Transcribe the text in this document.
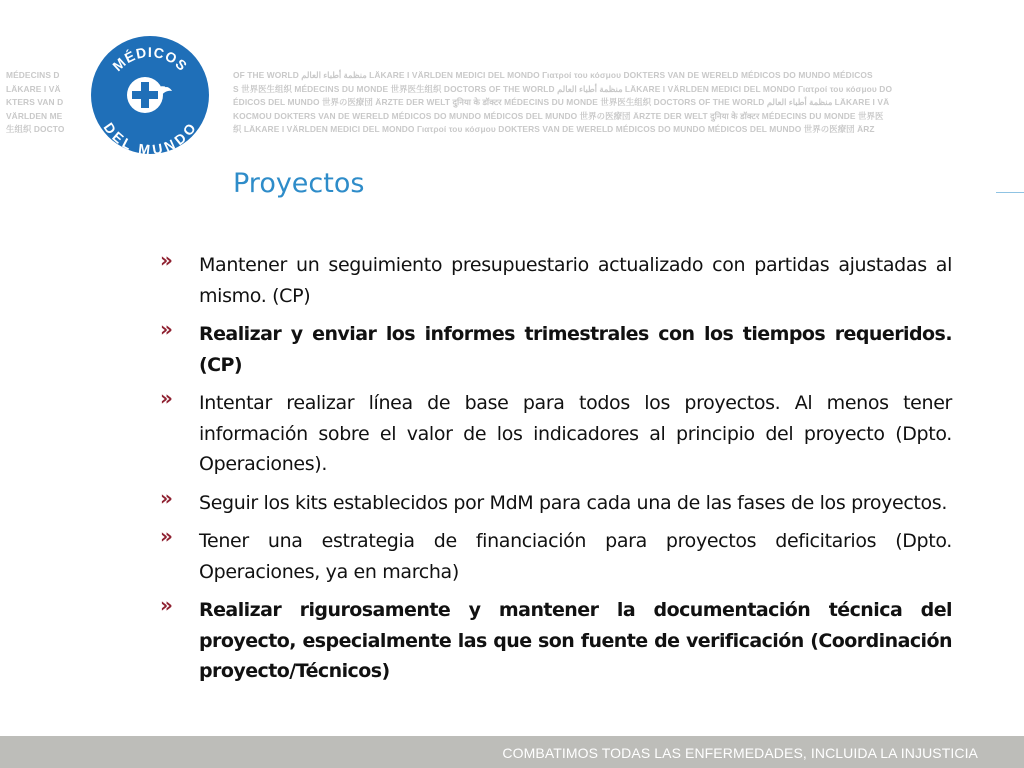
MÉDECINS D
LÄKARE I VÄ
KTERS VAN D
VÄRLDEN ME
生组织 DOCTO
MÉDICOS
DEL MUNDO
OF THE WORLD منظمة أطباء العالم LÄKARE I VÄRLDEN MEDICI DEL MONDO Γιατροί του κόσμου DOKTERS VAN DE WERELD MÉDICOS DO MUNDO MÉDICOS
S 世界医生组织 MÉDECINS DU MONDE 世界医生组织 DOCTORS OF THE WORLD منظمة أطباء العالم LÄKARE I VÄRLDEN MEDICI DEL MONDO Γιατροί του κόσμου DO
ÉDICOS DEL MUNDO 世界の医療団 ÄRZTE DER WELT दुनिया के डॉक्टर MÉDECINS DU MONDE 世界医生组织 DOCTORS OF THE WORLD منظمة أطباء العالم LÄKARE I VÄ
KOCMOU DOKTERS VAN DE WERELD MÉDICOS DO MUNDO MÉDICOS DEL MUNDO 世界の医療団 ÄRZTE DER WELT दुनिया के डॉक्टर MÉDECINS DU MONDE 世界医
织 LÄKARE I VÄRLDEN MEDICI DEL MONDO Γιατροί του κόσμου DOKTERS VAN DE WERELD MÉDICOS DO MUNDO MÉDICOS DEL MUNDO 世界の医療団 ÄRZ
Proyectos
» Mantener un seguimiento presupuestario actualizado con partidas ajustadas al mismo. (CP)
» Realizar y enviar los informes trimestrales con los tiempos requeridos.(CP)
» Intentar realizar línea de base para todos los proyectos. Al menos tener información sobre el valor de los indicadores al principio del proyecto (Dpto. Operaciones).
» Seguir los kits establecidos por MdM para cada una de las fases de los proyectos.
» Tener una estrategia de financiación para proyectos deficitarios (Dpto. Operaciones, ya en marcha)
» Realizar rigurosamente y mantener la documentación técnica del proyecto, especialmente las que son fuente de verificación (Coordinación proyecto/Técnicos)
COMBATIMOS TODAS LAS ENFERMEDADES, INCLUIDA LA INJUSTICIA
